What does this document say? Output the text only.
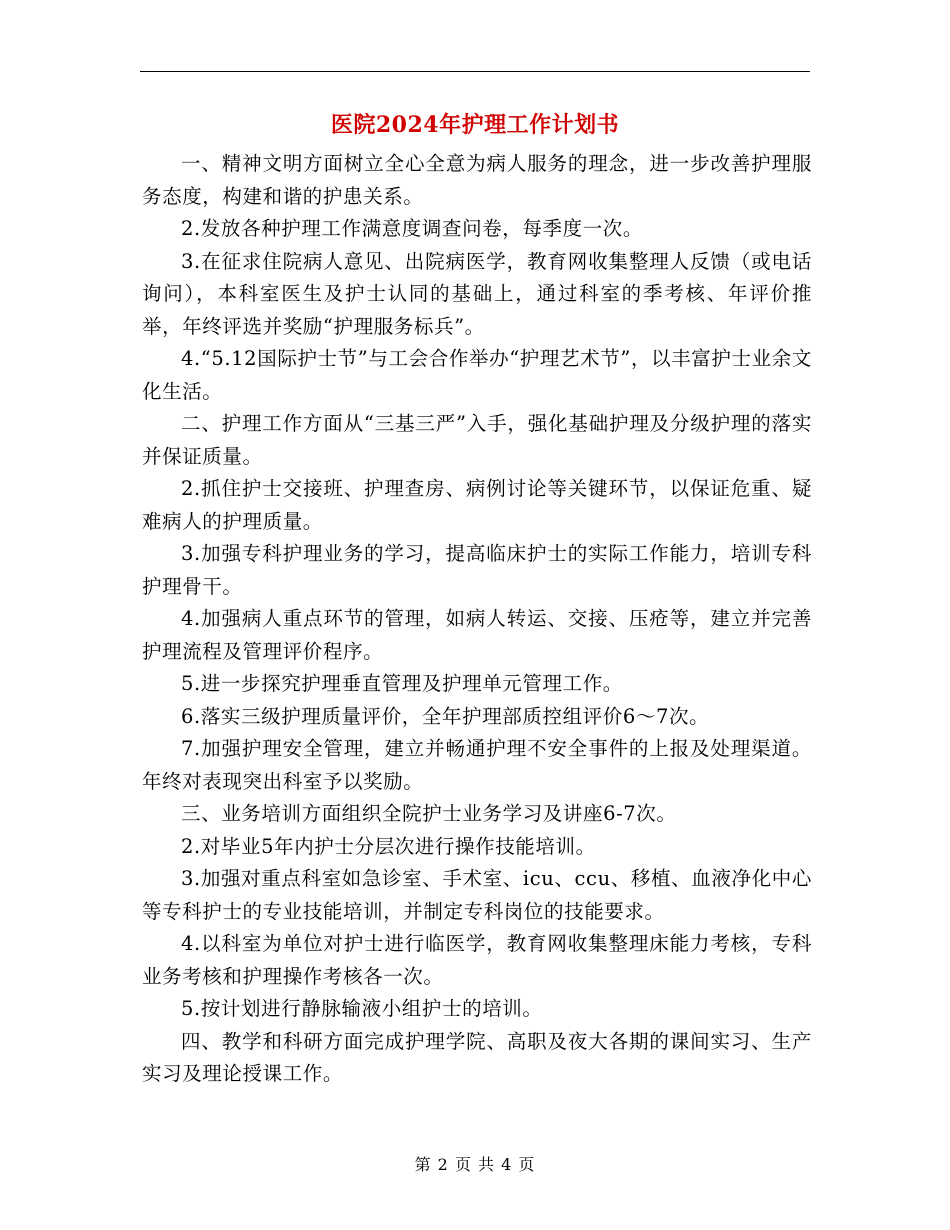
医院2024年护理工作计划书

一、精神文明方面树立全心全意为病人服务的理念，进一步改善护理服务态度，构建和谐的护患关系。

2.发放各种护理工作满意度调查问卷，每季度一次。

3.在征求住院病人意见、出院病医学，教育网收集整理人反馈（或电话询问），本科室医生及护士认同的基础上，通过科室的季考核、年评价推举，年终评选并奖励“护理服务标兵”。

4.“5.12国际护士节”与工会合作举办“护理艺术节”，以丰富护士业余文化生活。

二、护理工作方面从“三基三严”入手，强化基础护理及分级护理的落实并保证质量。

2.抓住护士交接班、护理查房、病例讨论等关键环节，以保证危重、疑难病人的护理质量。

3.加强专科护理业务的学习，提高临床护士的实际工作能力，培训专科护理骨干。

4.加强病人重点环节的管理，如病人转运、交接、压疮等，建立并完善护理流程及管理评价程序。

5.进一步探究护理垂直管理及护理单元管理工作。

6.落实三级护理质量评价，全年护理部质控组评价6～7次。

7.加强护理安全管理，建立并畅通护理不安全事件的上报及处理渠道。年终对表现突出科室予以奖励。

三、业务培训方面组织全院护士业务学习及讲座6-7次。

2.对毕业5年内护士分层次进行操作技能培训。

3.加强对重点科室如急诊室、手术室、icu、ccu、移植、血液净化中心等专科护士的专业技能培训，并制定专科岗位的技能要求。

4.以科室为单位对护士进行临医学，教育网收集整理床能力考核，专科业务考核和护理操作考核各一次。

5.按计划进行静脉输液小组护士的培训。

四、教学和科研方面完成护理学院、高职及夜大各期的课间实习、生产实习及理论授课工作。

第 2 页 共 4 页
